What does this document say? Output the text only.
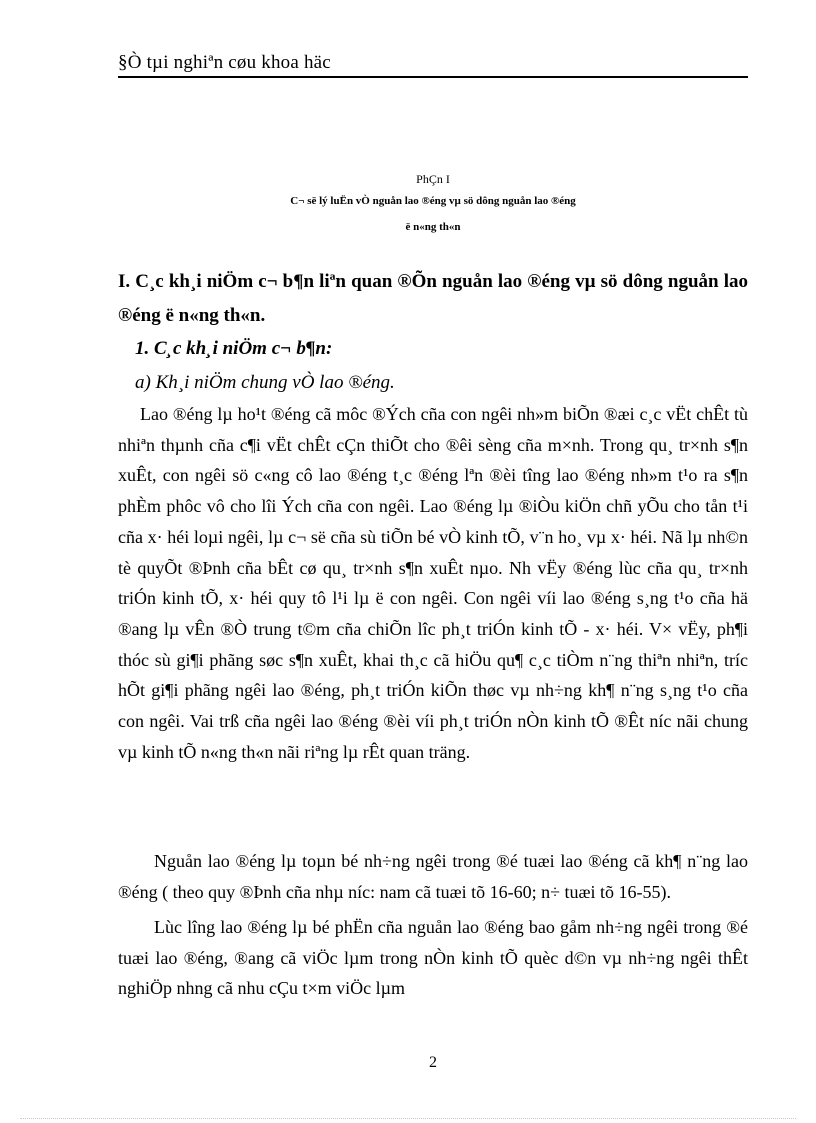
§Ò tµi nghiªn cøu khoa häc
PhÇn I
C¬ së lý luËn vÒ nguån lao ®éng vµ sö dông nguån lao ®éng
ë n«ng th«n
I. C¸c kh¸i niÖm c¬ b¶n liªn quan ®Õn nguån lao ®éng vµ sö dông nguån lao ®éng ë n«ng th«n.
1. C¸c kh¸i niÖm c¬ b¶n:
a) Kh¸i niÖm chung vÒ lao ®éng.

Lao ®éng lµ ho¹t ®éng cã môc ®Ých cña con ngêi nh»m biÕn ®æi c¸c vËt chÊt tù nhiªn thµnh cña c¶i vËt chÊt cÇn thiÕt cho ®êi sèng cña m×nh. Trong qu¸ tr×nh s¶n xuÊt, con ngêi sö c«ng cô lao ®éng t¸c ®éng lªn ®èi tîng lao ®éng nh»m t¹o ra s¶n phÈm phôc vô cho lîi Ých cña con ngêi. Lao ®éng lµ ®iÒu kiÖn chñ yÕu cho tån t¹i cña x· héi loµi ngêi, lµ c¬ së cña sù tiÕn bé vÒ kinh tÕ, v¨n ho¸ vµ x· héi. Nã lµ nh©n tè quyÕt ®Þnh cña bÊt cø qu¸ tr×nh s¶n xuÊt nµo. Nh vËy ®éng lùc cña qu¸ tr×nh triÓn kinh tÕ, x· héi quy tô l¹i lµ ë con ngêi. Con ngêi víi lao ®éng s¸ng t¹o cña hä ®ang lµ vÊn ®Ò trung t©m cña chiÕn lîc ph¸t triÓn kinh tÕ - x· héi. V× vËy, ph¶i thóc sù gi¶i phãng søc s¶n xuÊt, khai th¸c cã hiÖu qu¶ c¸c tiÒm n¨ng thiªn nhiªn, tríc hÕt gi¶i phãng ngêi lao ®éng, ph¸t triÓn kiÕn thøc vµ nh÷ng kh¶ n¨ng s¸ng t¹o cña con ngêi. Vai trß cña ngêi lao ®éng ®èi víi ph¸t triÓn nÒn kinh tÕ ®Êt níc nãi chung vµ kinh tÕ n«ng th«n nãi riªng lµ rÊt quan träng.

Nguån lao ®éng lµ toµn bé nh÷ng ngêi trong ®é tuæi lao ®éng cã kh¶ n¨ng lao ®éng ( theo quy ®Þnh cña nhµ níc: nam cã tuæi tõ 16-60; n÷ tuæi tõ 16-55).

Lùc lîng lao ®éng lµ bé phËn cña nguån lao ®éng bao gåm nh÷ng ngêi trong ®é tuæi lao ®éng, ®ang cã viÖc lµm trong nÒn kinh tÕ quèc d©n vµ nh÷ng ngêi thÊt nghiÖp nhng cã nhu cÇu t×m viÖc lµm

2
